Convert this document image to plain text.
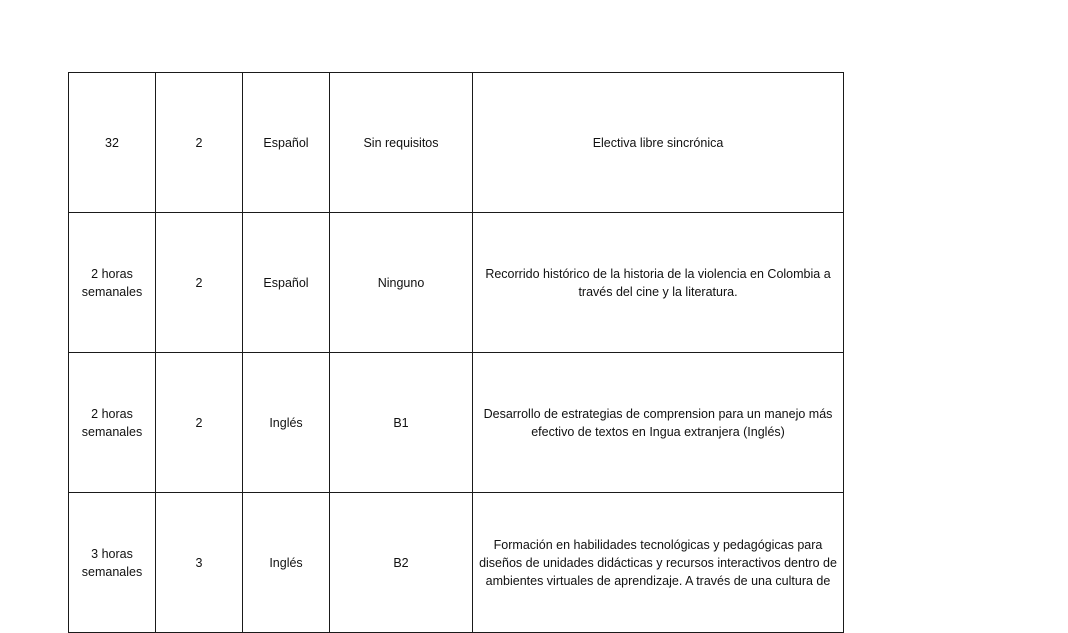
32	2	Español	Sin requisitos	Electiva libre sincrónica
2 horas semanales	2	Español	Ninguno	Recorrido histórico de la historia de la violencia en Colombia a través del cine y la literatura.
2 horas semanales	2	Inglés	B1	Desarrollo de estrategias de comprension para un manejo más efectivo de textos en Ingua extranjera (Inglés)
3 horas semanales	3	Inglés	B2	Formación en habilidades tecnológicas y pedagógicas para diseños de unidades didácticas y recursos interactivos dentro de ambientes virtuales de aprendizaje. A través de una cultura de
